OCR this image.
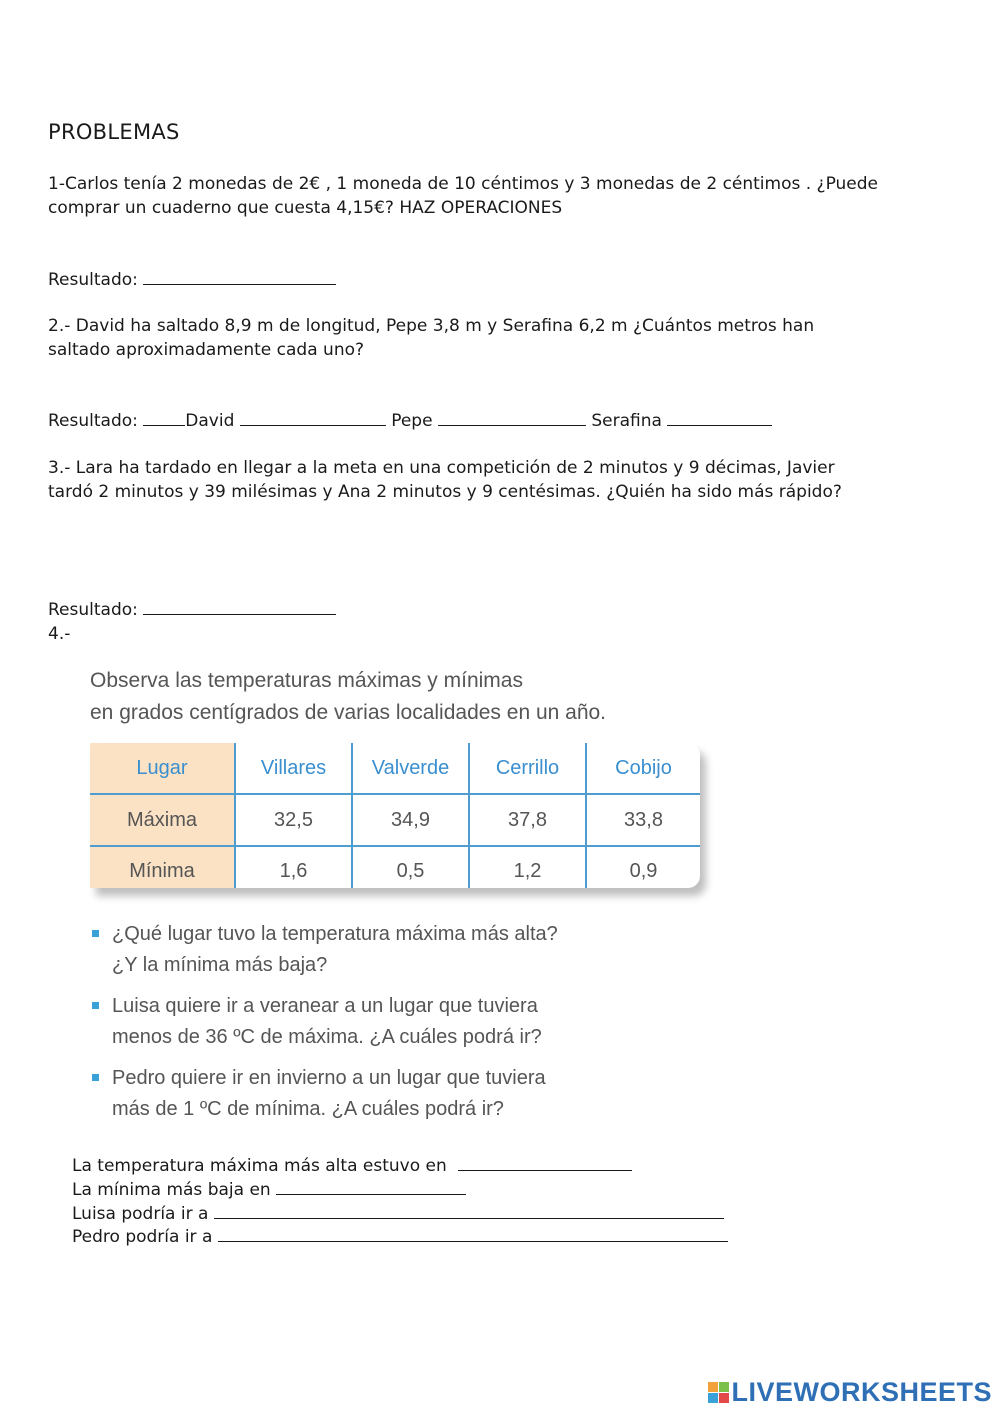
PROBLEMAS
1-Carlos tenía 2 monedas de 2€ , 1 moneda de 10 céntimos y 3 monedas de 2 céntimos . ¿Puede
comprar un cuaderno que cuesta 4,15€? HAZ OPERACIONES
Resultado:
2.- David ha saltado 8,9 m de longitud, Pepe 3,8 m y Serafina 6,2 m ¿Cuántos metros han
saltado aproximadamente cada uno?
Resultado:	David	Pepe	Serafina
3.- Lara ha tardado en llegar a la meta en una competición de 2 minutos y 9 décimas, Javier
tardó 2 minutos y 39 milésimas y Ana 2 minutos y 9 centésimas. ¿Quién ha sido más rápido?
Resultado:
4.-
Observa las temperaturas máximas y mínimas
en grados centígrados de varias localidades en un año.
Lugar	Villares	Valverde	Cerrillo	Cobijo
Máxima	32,5	34,9	37,8	33,8
Mínima	1,6	0,5	1,2	0,9
¿Qué lugar tuvo la temperatura máxima más alta?
¿Y la mínima más baja?
Luisa quiere ir a veranear a un lugar que tuviera
menos de 36 ºC de máxima. ¿A cuáles podrá ir?
Pedro quiere ir en invierno a un lugar que tuviera
más de 1 ºC de mínima. ¿A cuáles podrá ir?
La temperatura máxima más alta estuvo en
La mínima más baja en
Luisa podría ir a
Pedro podría ir a
LIVEWORKSHEETS
